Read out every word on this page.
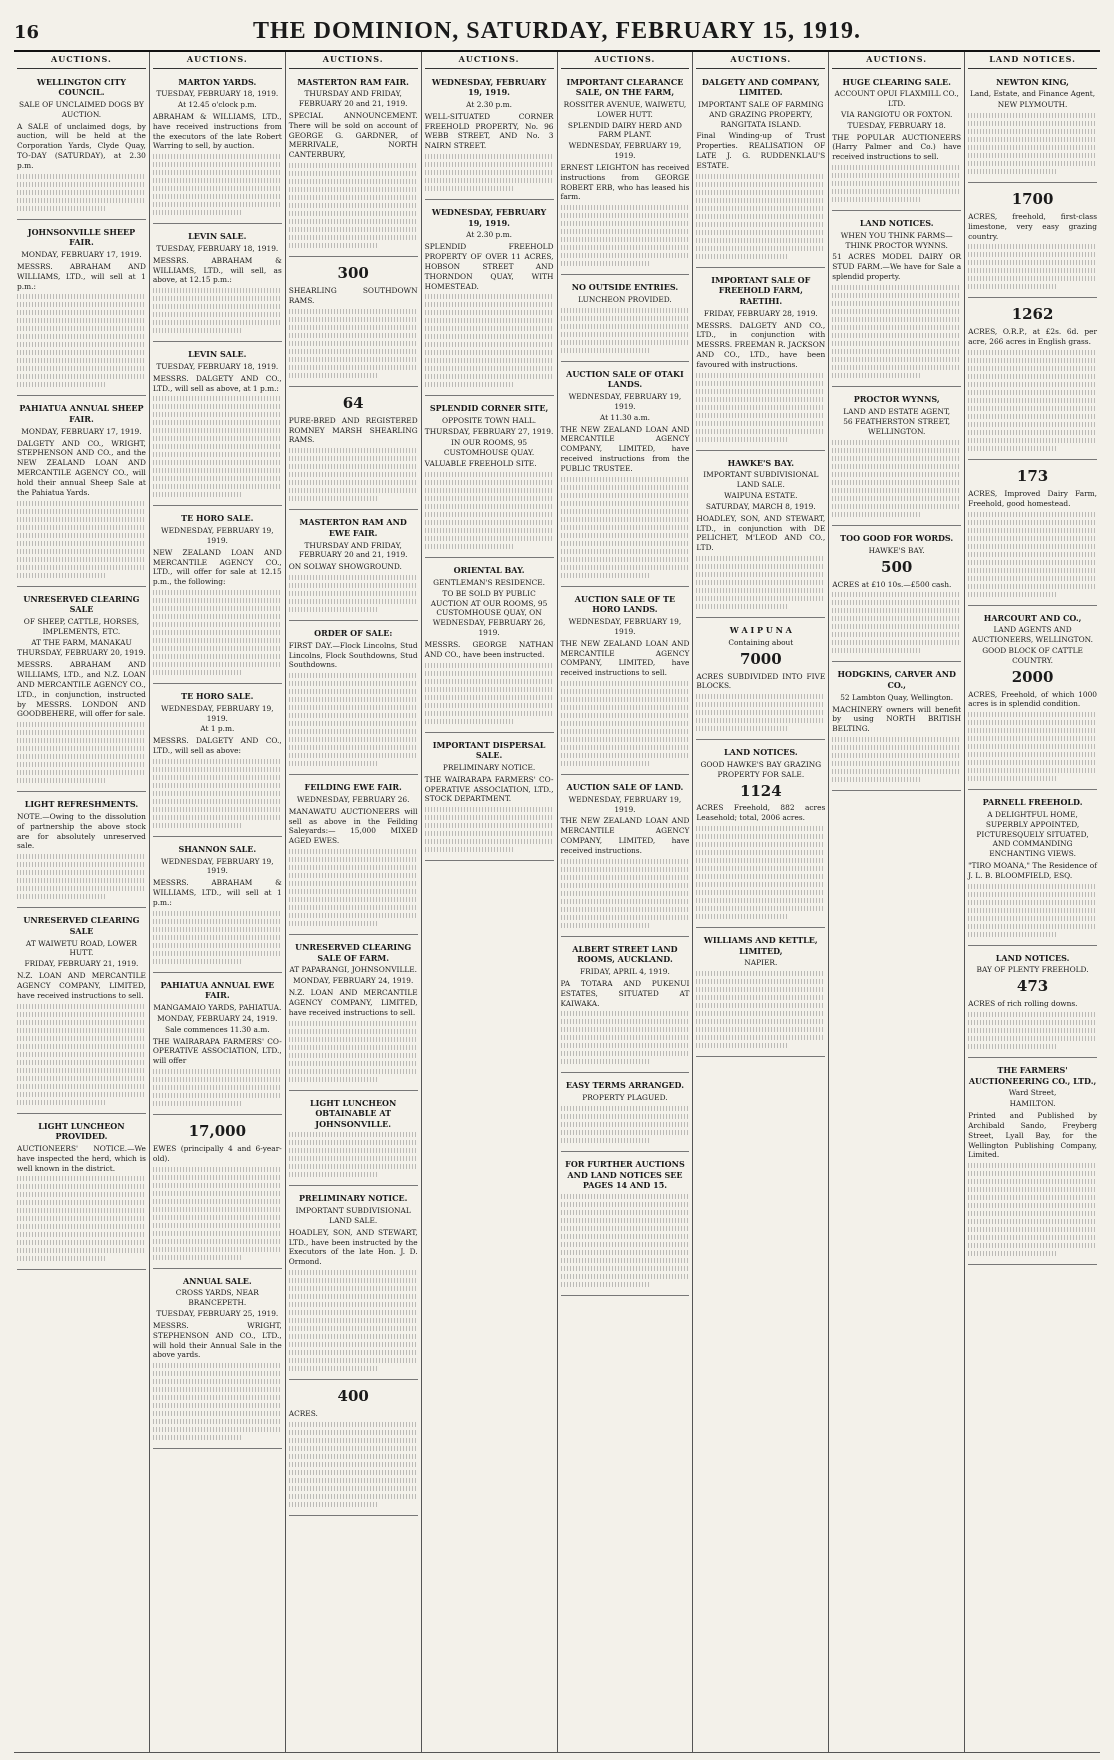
16	THE DOMINION, SATURDAY, FEBRUARY 15, 1919.
AUCTIONS.
WELLINGTON CITY COUNCIL.
SALE OF UNCLAIMED DOGS BY AUCTION.

A SALE of unclaimed dogs, by auction, will be held at the Corporation Yards, Clyde Quay, TO-DAY (SATURDAY), at 2.30 p.m.

JOHNSONVILLE SHEEP FAIR.
MONDAY, FEBRUARY 17, 1919.

MESSRS. ABRAHAM AND WILLIAMS, LTD., will sell at 1 p.m.:

PAHIATUA ANNUAL SHEEP FAIR.
MONDAY, FEBRUARY 17, 1919.

DALGETY AND CO., WRIGHT, STEPHENSON AND CO., and the NEW ZEALAND LOAN AND MERCANTILE AGENCY CO., will hold their annual Sheep Sale at the Pahiatua Yards.

UNRESERVED CLEARING SALE
OF SHEEP, CATTLE, HORSES, IMPLEMENTS, ETC.
AT THE FARM, MANAKAU
THURSDAY, FEBRUARY 20, 1919.

MESSRS. ABRAHAM AND WILLIAMS, LTD., and N.Z. LOAN AND MERCANTILE AGENCY CO., LTD., in conjunction, instructed by MESSRS. LONDON AND GOODBEHERE, will offer for sale.

LIGHT REFRESHMENTS.

NOTE.—Owing to the dissolution of partnership the above stock are for absolutely unreserved sale.

UNRESERVED CLEARING SALE
AT WAIWETU ROAD, LOWER HUTT.
FRIDAY, FEBRUARY 21, 1919.

N.Z. LOAN AND MERCANTILE AGENCY COMPANY, LIMITED, have received instructions to sell.

LIGHT LUNCHEON PROVIDED.

AUCTIONEERS' NOTICE.—We have inspected the herd, which is well known in the district.

AUCTIONS.
MARTON YARDS.
TUESDAY, FEBRUARY 18, 1919.
At 12.45 o'clock p.m.

ABRAHAM & WILLIAMS, LTD., have received instructions from the executors of the late Robert Warring to sell, by auction.

LEVIN SALE.
TUESDAY, FEBRUARY 18, 1919.

MESSRS. ABRAHAM & WILLIAMS, LTD., will sell, as above, at 12.15 p.m.:

LEVIN SALE.
TUESDAY, FEBRUARY 18, 1919.

MESSRS. DALGETY AND CO., LTD., will sell as above, at 1 p.m.:

TE HORO SALE.
WEDNESDAY, FEBRUARY 19, 1919.

NEW ZEALAND LOAN AND MERCANTILE AGENCY CO., LTD., will offer for sale at 12.15 p.m., the following:

TE HORO SALE.
WEDNESDAY, FEBRUARY 19, 1919.
At 1 p.m.

MESSRS. DALGETY AND CO., LTD., will sell as above:

SHANNON SALE.
WEDNESDAY, FEBRUARY 19, 1919.

MESSRS. ABRAHAM & WILLIAMS, LTD., will sell at 1 p.m.:

PAHIATUA ANNUAL EWE FAIR.
MANGAMAIO YARDS, PAHIATUA.
MONDAY, FEBRUARY 24, 1919.
Sale commences 11.30 a.m.

THE WAIRARAPA FARMERS' CO-OPERATIVE ASSOCIATION, LTD., will offer

17,000

EWES (principally 4 and 6-year-old).

ANNUAL SALE.
CROSS YARDS, NEAR BRANCEPETH.
TUESDAY, FEBRUARY 25, 1919.

MESSRS. WRIGHT, STEPHENSON AND CO., LTD., will hold their Annual Sale in the above yards.

AUCTIONS.
MASTERTON RAM FAIR.
THURSDAY AND FRIDAY, FEBRUARY 20 and 21, 1919.

SPECIAL ANNOUNCEMENT. There will be sold on account of GEORGE G. GARDNER, of MERRIVALE, NORTH CANTERBURY,

300

SHEARLING SOUTHDOWN RAMS.

64

PURE-BRED AND REGISTERED ROMNEY MARSH SHEARLING RAMS.

MASTERTON RAM AND EWE FAIR.
THURSDAY AND FRIDAY, FEBRUARY 20 and 21, 1919.

ON SOLWAY SHOWGROUND.

ORDER OF SALE:

FIRST DAY.—Flock Lincolns, Stud Lincolns, Flock Southdowns, Stud Southdowns.

FEILDING EWE FAIR.
WEDNESDAY, FEBRUARY 26.

MANAWATU AUCTIONEERS will sell as above in the Feilding Saleyards:— 15,000 MIXED AGED EWES.

UNRESERVED CLEARING SALE OF FARM.
AT PAPARANGI, JOHNSONVILLE.
MONDAY, FEBRUARY 24, 1919.

N.Z. LOAN AND MERCANTILE AGENCY COMPANY, LIMITED, have received instructions to sell.

LIGHT LUNCHEON OBTAINABLE AT JOHNSONVILLE.
PRELIMINARY NOTICE.
IMPORTANT SUBDIVISIONAL LAND SALE.

HOADLEY, SON, AND STEWART, LTD., have been instructed by the Executors of the late Hon. J. D. Ormond.

400

ACRES.

AUCTIONS.
WEDNESDAY, FEBRUARY 19, 1919.
At 2.30 p.m.

WELL-SITUATED CORNER FREEHOLD PROPERTY, No. 96 WEBB STREET, AND No. 3 NAIRN STREET.

WEDNESDAY, FEBRUARY 19, 1919.
At 2.30 p.m.

SPLENDID FREEHOLD PROPERTY OF OVER 11 ACRES, HOBSON STREET AND THORNDON QUAY, WITH HOMESTEAD.

SPLENDID CORNER SITE,
OPPOSITE TOWN HALL.
THURSDAY, FEBRUARY 27, 1919.
IN OUR ROOMS, 95 CUSTOMHOUSE QUAY.

VALUABLE FREEHOLD SITE.

ORIENTAL BAY.
GENTLEMAN'S RESIDENCE.
TO BE SOLD BY PUBLIC AUCTION AT OUR ROOMS, 95 CUSTOMHOUSE QUAY, ON WEDNESDAY, FEBRUARY 26, 1919.

MESSRS. GEORGE NATHAN AND CO., have been instructed.

IMPORTANT DISPERSAL SALE.
PRELIMINARY NOTICE.

THE WAIRARAPA FARMERS' CO-OPERATIVE ASSOCIATION, LTD., STOCK DEPARTMENT.

AUCTIONS.
IMPORTANT CLEARANCE SALE, ON THE FARM,
ROSSITER AVENUE, WAIWETU, LOWER HUTT.
SPLENDID DAIRY HERD AND FARM PLANT.
WEDNESDAY, FEBRUARY 19, 1919.

ERNEST LEIGHTON has received instructions from GEORGE ROBERT ERB, who has leased his farm.

NO OUTSIDE ENTRIES.
LUNCHEON PROVIDED.
AUCTION SALE OF OTAKI LANDS.
WEDNESDAY, FEBRUARY 19, 1919.
At 11.30 a.m.

THE NEW ZEALAND LOAN AND MERCANTILE AGENCY COMPANY, LIMITED, have received instructions from the PUBLIC TRUSTEE.

AUCTION SALE OF TE HORO LANDS.
WEDNESDAY, FEBRUARY 19, 1919.

THE NEW ZEALAND LOAN AND MERCANTILE AGENCY COMPANY, LIMITED, have received instructions to sell.

AUCTION SALE OF LAND.
WEDNESDAY, FEBRUARY 19, 1919.

THE NEW ZEALAND LOAN AND MERCANTILE AGENCY COMPANY, LIMITED, have received instructions.

ALBERT STREET LAND ROOMS, AUCKLAND.
FRIDAY, APRIL 4, 1919.

PA TOTARA AND PUKENUI ESTATES, SITUATED AT KAIWAKA.

EASY TERMS ARRANGED.
PROPERTY PLAGUED.
FOR FURTHER AUCTIONS AND LAND NOTICES SEE PAGES 14 AND 15.
AUCTIONS.
DALGETY AND COMPANY, LIMITED.
IMPORTANT SALE OF FARMING AND GRAZING PROPERTY, RANGITATA ISLAND.

Final Winding-up of Trust Properties. REALISATION OF LATE J. G. RUDDENKLAU'S ESTATE.

IMPORTANT SALE OF FREEHOLD FARM, RAETIHI.
FRIDAY, FEBRUARY 28, 1919.

MESSRS. DALGETY AND CO., LTD., in conjunction with MESSRS. FREEMAN R. JACKSON AND CO., LTD., have been favoured with instructions.

HAWKE'S BAY.
IMPORTANT SUBDIVISIONAL LAND SALE.
WAIPUNA ESTATE.
SATURDAY, MARCH 8, 1919.

HOADLEY, SON, AND STEWART, LTD., in conjunction with DE PELICHET, M'LEOD AND CO., LTD.

W A I P U N A
Containing about
7000

ACRES SUBDIVIDED INTO FIVE BLOCKS.

LAND NOTICES.
GOOD HAWKE'S BAY GRAZING PROPERTY FOR SALE.
1124

ACRES Freehold, 882 acres Leasehold; total, 2006 acres.

WILLIAMS AND KETTLE, LIMITED,
NAPIER.
AUCTIONS.
HUGE CLEARING SALE.
ACCOUNT OPUI FLAXMILL CO., LTD.
VIA RANGIOTU OR FOXTON.
TUESDAY, FEBRUARY 18.

THE POPULAR AUCTIONEERS (Harry Palmer and Co.) have received instructions to sell.

LAND NOTICES.
WHEN YOU THINK FARMS—THINK PROCTOR WYNNS.

51 ACRES MODEL DAIRY OR STUD FARM.—We have for Sale a splendid property.

PROCTOR WYNNS,
LAND AND ESTATE AGENT,
56 FEATHERSTON STREET, WELLINGTON.
TOO GOOD FOR WORDS.
HAWKE'S BAY.
500

ACRES at £10 10s.—£500 cash.

HODGKINS, CARVER AND CO.,
52 Lambton Quay, Wellington.

MACHINERY owners will benefit by using NORTH BRITISH BELTING.

LAND NOTICES.
NEWTON KING,
Land, Estate, and Finance Agent,
NEW PLYMOUTH.
1700

ACRES, freehold, first-class limestone, very easy grazing country.

1262

ACRES, O.R.P., at £2s. 6d. per acre, 266 acres in English grass.

173

ACRES, Improved Dairy Farm, Freehold, good homestead.

HARCOURT AND CO.,
LAND AGENTS AND AUCTIONEERS, WELLINGTON.
GOOD BLOCK OF CATTLE COUNTRY.
2000

ACRES, Freehold, of which 1000 acres is in splendid condition.

PARNELL FREEHOLD.
A DELIGHTFUL HOME, SUPERBLY APPOINTED, PICTURESQUELY SITUATED, AND COMMANDING ENCHANTING VIEWS.

"TIRO MOANA," The Residence of J. L. B. BLOOMFIELD, ESQ.

LAND NOTICES.
BAY OF PLENTY FREEHOLD.
473

ACRES of rich rolling downs.

THE FARMERS' AUCTIONEERING CO., LTD.,
Ward Street,
HAMILTON.

Printed and Published by Archibald Sando, Freyberg Street, Lyall Bay, for the Wellington Publishing Company, Limited.
